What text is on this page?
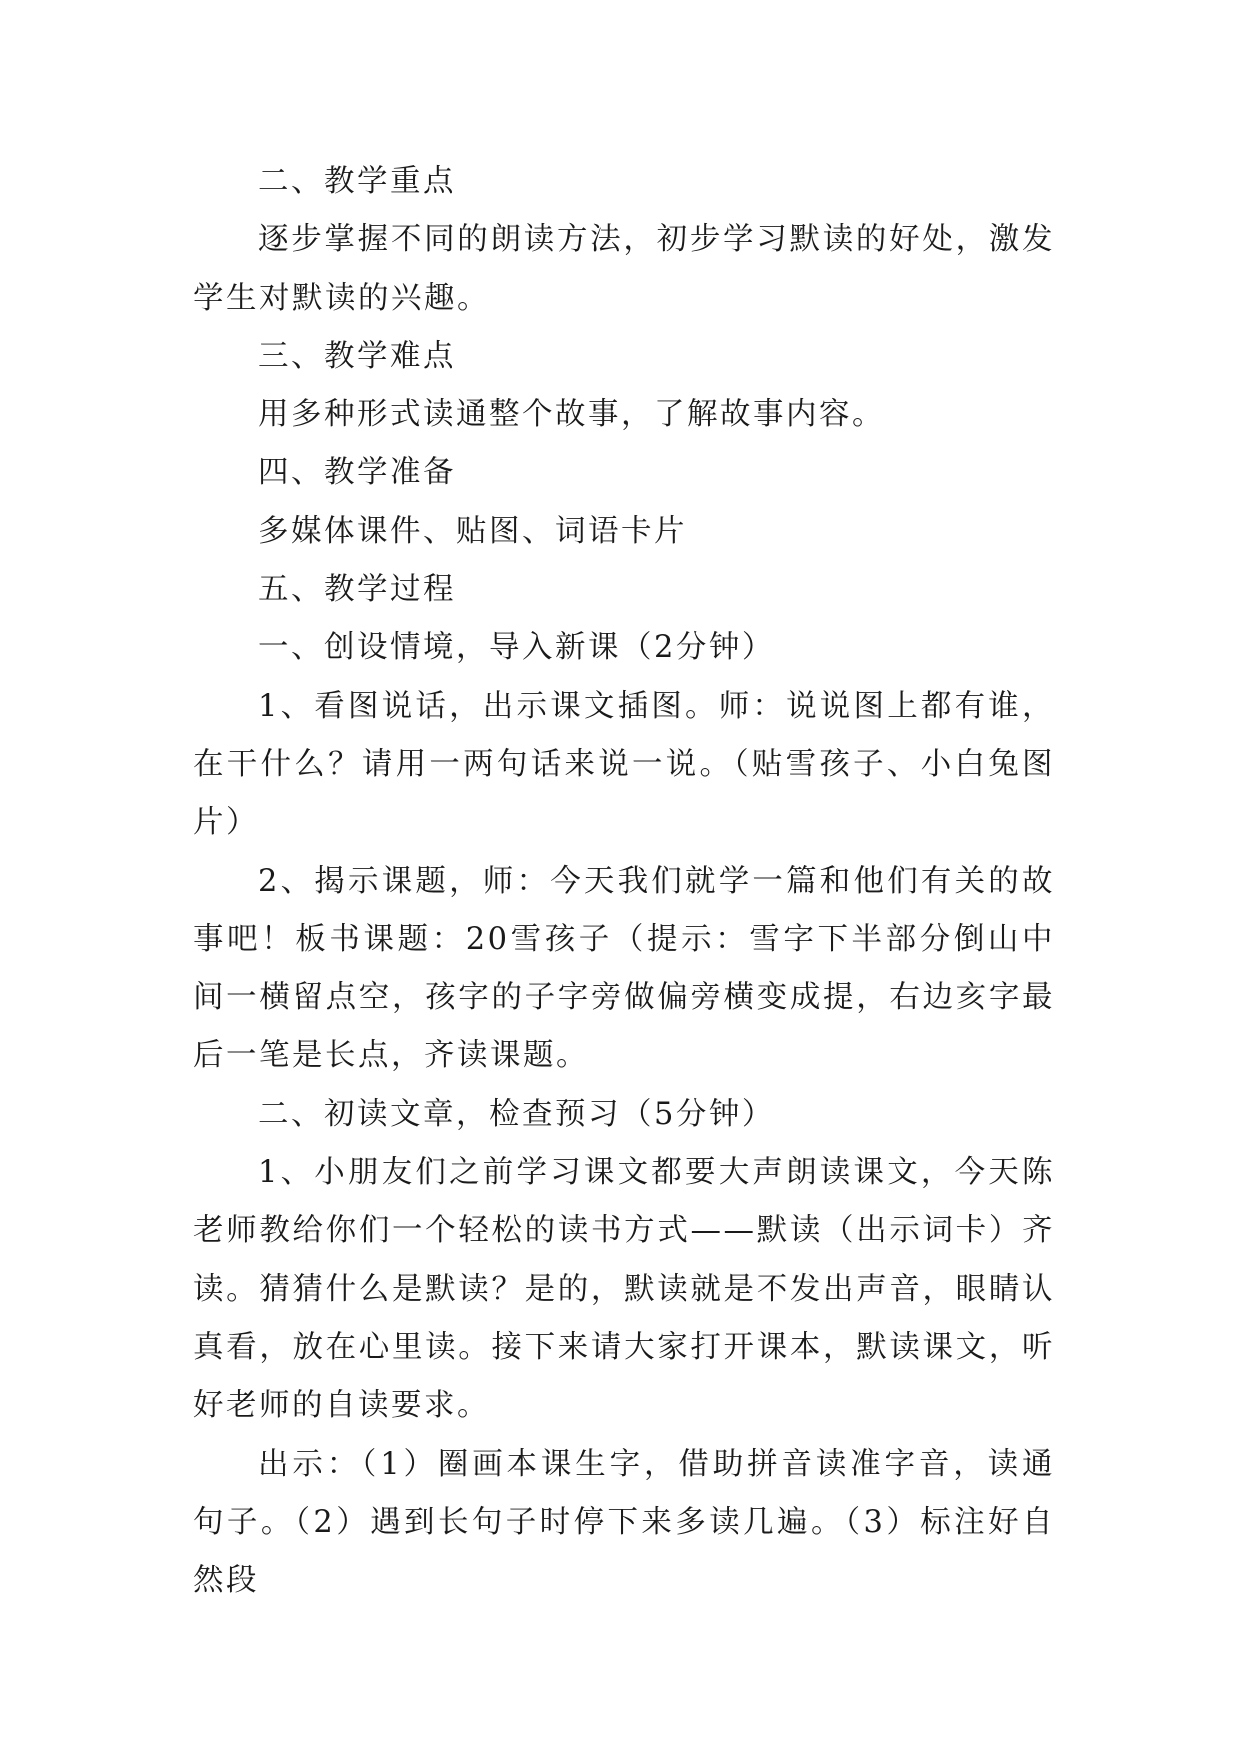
二、教学重点

逐步掌握不同的朗读方法，初步学习默读的好处，激发学生对默读的兴趣。

三、教学难点

用多种形式读通整个故事，了解故事内容。

四、教学准备

多媒体课件、贴图、词语卡片

五、教学过程

一、创设情境，导入新课（2分钟）

1、看图说话，出示课文插图。师：说说图上都有谁，在干什么？请用一两句话来说一说。（贴雪孩子、小白兔图片）

2、揭示课题，师：今天我们就学一篇和他们有关的故事吧！板书课题：20雪孩子（提示：雪字下半部分倒山中间一横留点空，孩字的子字旁做偏旁横变成提，右边亥字最后一笔是长点，齐读课题。

二、初读文章，检查预习（5分钟）

1、小朋友们之前学习课文都要大声朗读课文，今天陈老师教给你们一个轻松的读书方式——默读（出示词卡）齐读。猜猜什么是默读？是的，默读就是不发出声音，眼睛认真看，放在心里读。接下来请大家打开课本，默读课文，听好老师的自读要求。

出示：（1）圈画本课生字，借助拼音读准字音，读通句子。（2）遇到长句子时停下来多读几遍。（3）标注好自然段
